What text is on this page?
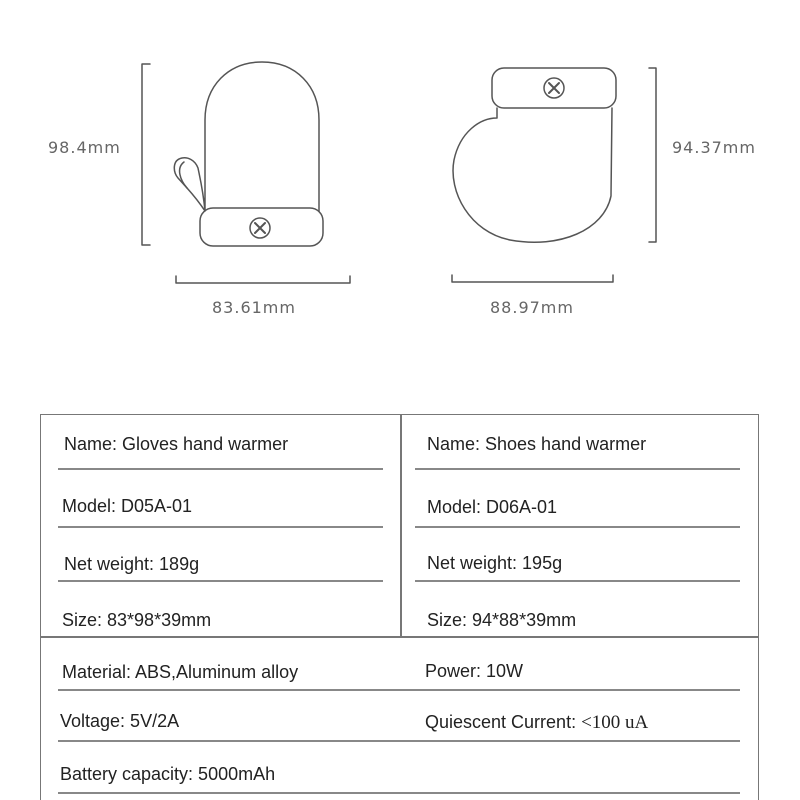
98.4mm
83.61mm
94.37mm
88.97mm
Name: Gloves hand warmer
Model: D05A-01
Net weight: 189g
Size: 83*98*39mm
Name: Shoes hand warmer
Model: D06A-01
Net weight: 195g
Size: 94*88*39mm
Material: ABS,Aluminum alloy	Power: 10W
Voltage: 5V/2A	Quiescent Current: <100 uA
Battery capacity: 5000mAh
